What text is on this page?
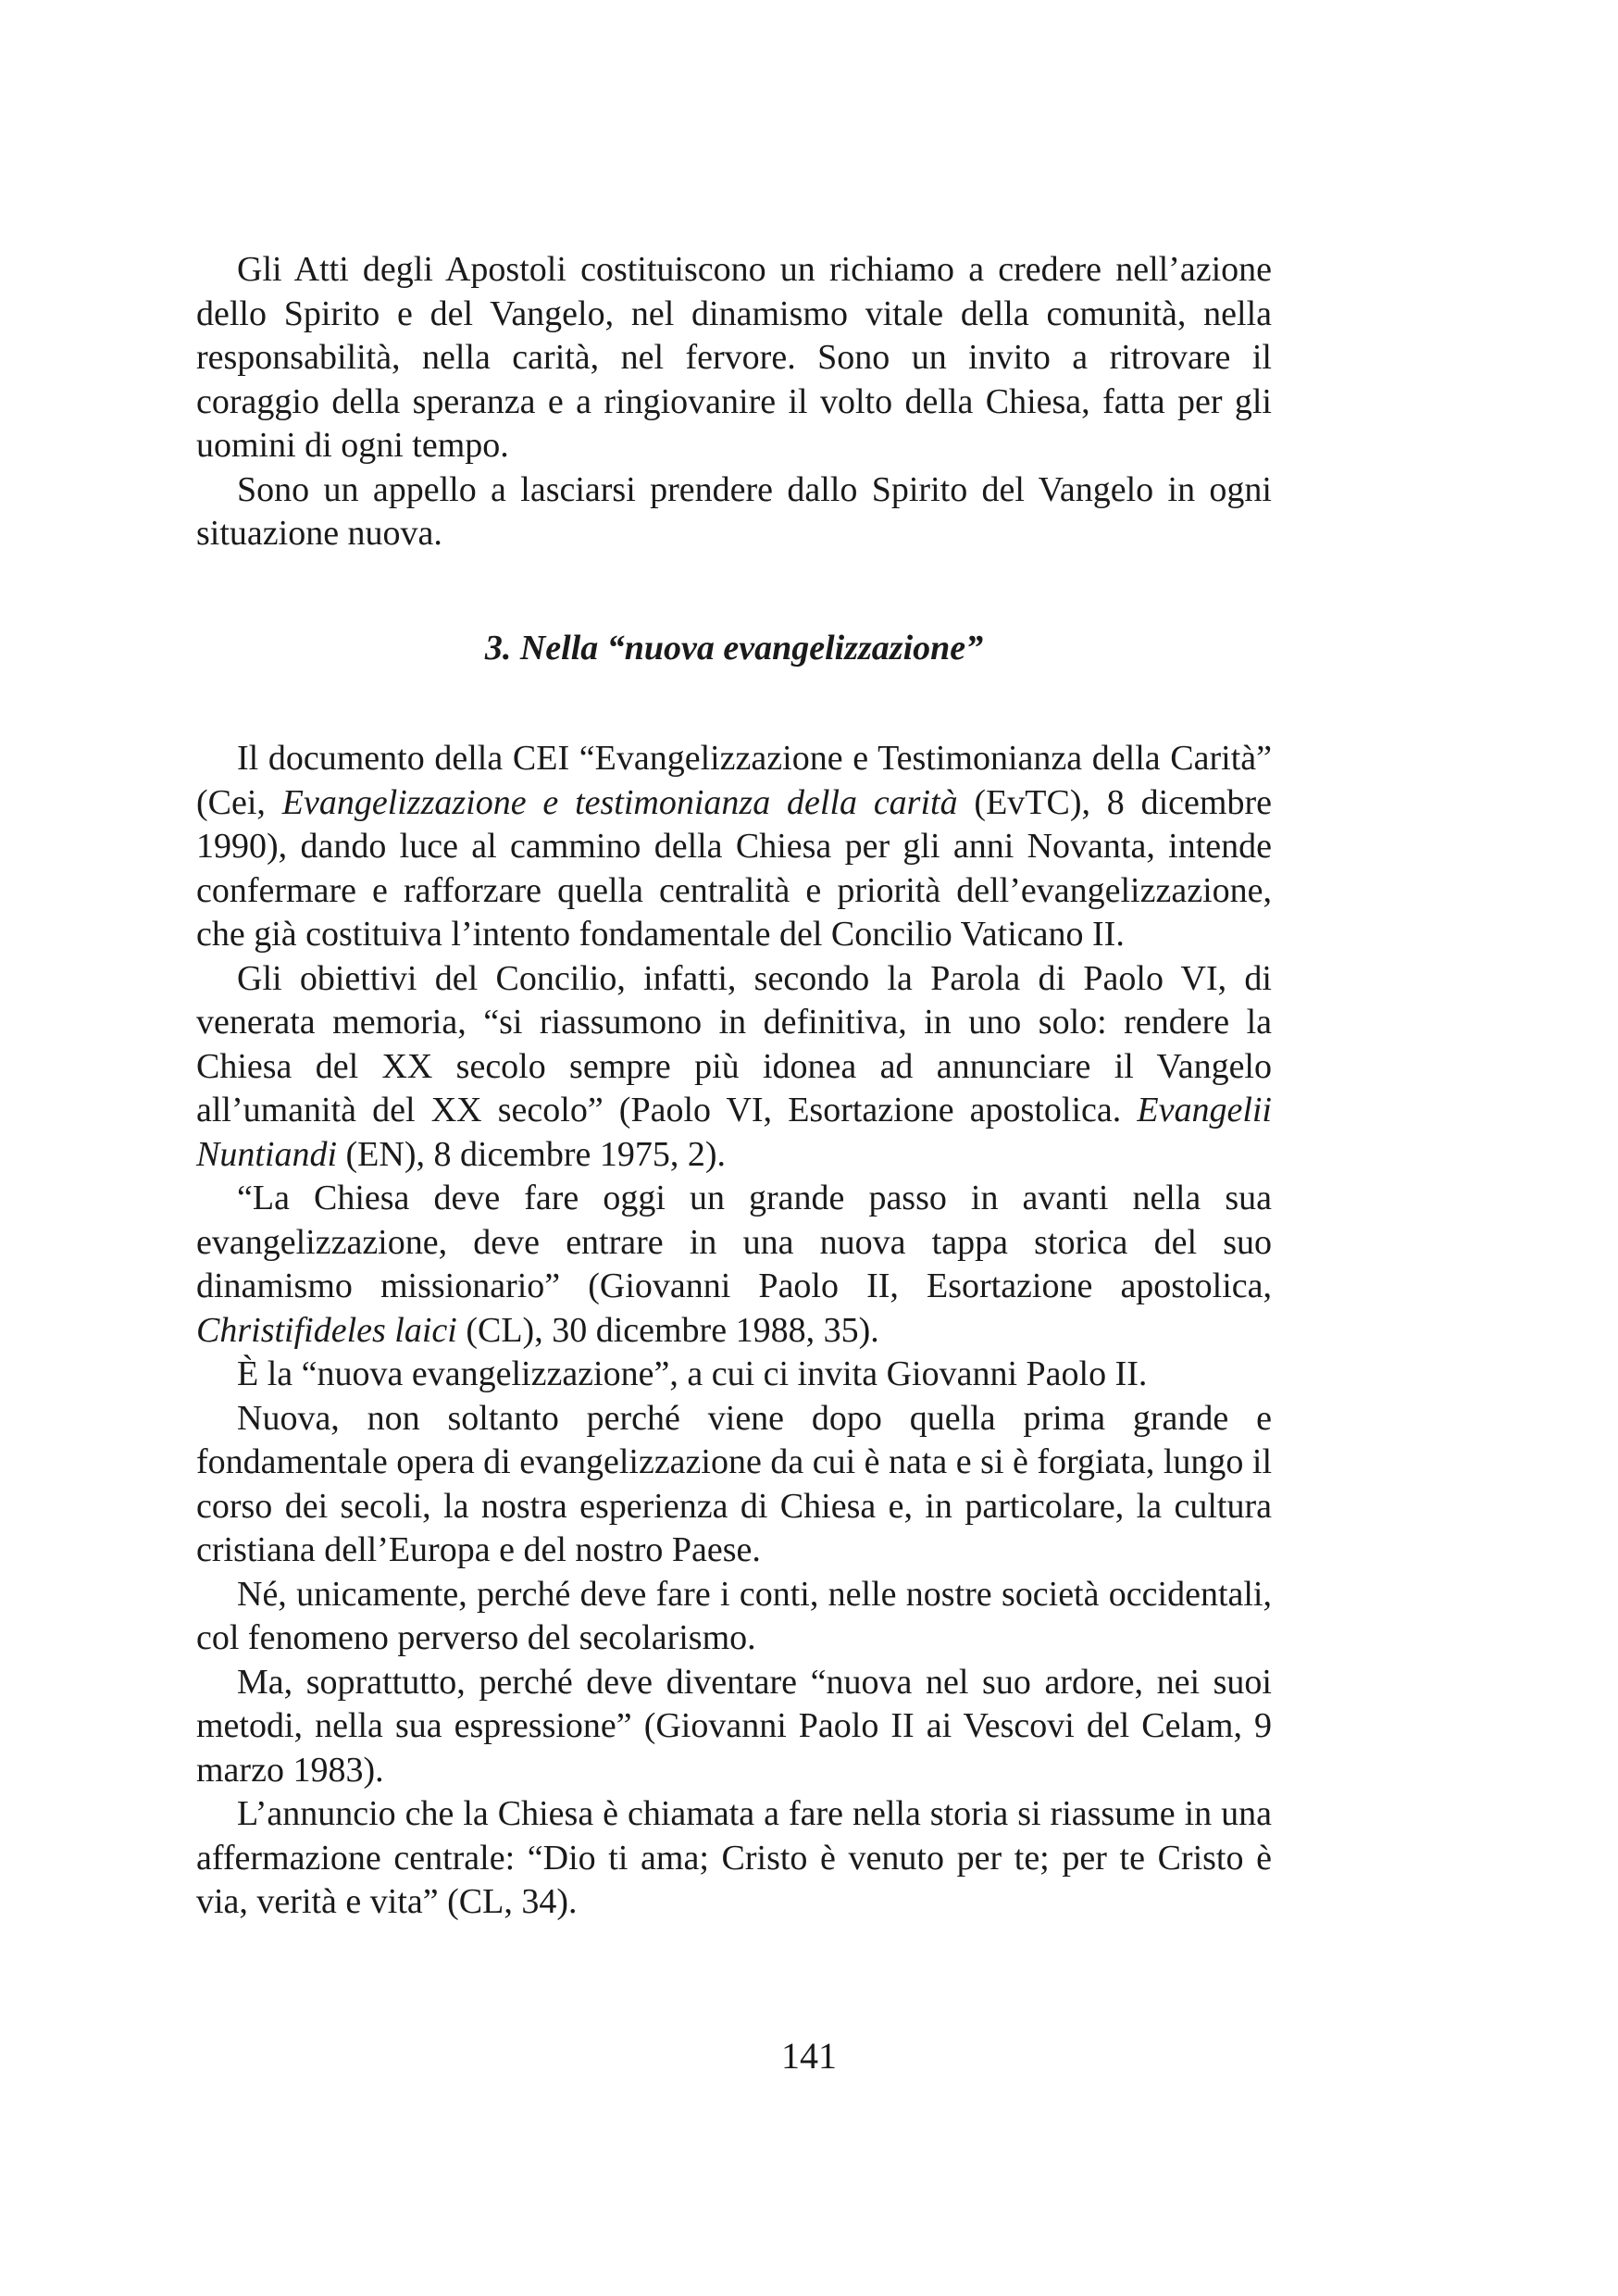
Gli Atti degli Apostoli costituiscono un richiamo a credere nell’azione dello Spirito e del Vangelo, nel dinamismo vitale della comunità, nella responsabilità, nella carità, nel fervore. Sono un invito a ritrovare il coraggio della speranza e a ringiovanire il volto della Chiesa, fatta per gli uomini di ogni tempo.

Sono un appello a lasciarsi prendere dallo Spirito del Vangelo in ogni situazione nuova.

3. Nella “nuova evangelizzazione”

Il documento della CEI “Evangelizzazione e Testimonianza della Carità” (Cei, Evangelizzazione e testimonianza della carità (EvTC), 8 dicembre 1990), dando luce al cammino della Chiesa per gli anni Novanta, intende confermare e rafforzare quella centralità e priorità dell’evangelizzazione, che già costituiva l’intento fondamentale del Concilio Vaticano II.

Gli obiettivi del Concilio, infatti, secondo la Parola di Paolo VI, di venerata memoria, “si riassumono in definitiva, in uno solo: rendere la Chiesa del XX secolo sempre più idonea ad annunciare il Vangelo all’umanità del XX secolo” (Paolo VI, Esortazione apostolica. Evangelii Nuntiandi (EN), 8 dicembre 1975, 2).

“La Chiesa deve fare oggi un grande passo in avanti nella sua evangelizzazione, deve entrare in una nuova tappa storica del suo dinamismo missionario” (Giovanni Paolo II, Esortazione apostolica, Christifideles laici (CL), 30 dicembre 1988, 35).

È la “nuova evangelizzazione”, a cui ci invita Giovanni Paolo II.

Nuova, non soltanto perché viene dopo quella prima grande e fondamentale opera di evangelizzazione da cui è nata e si è forgiata, lungo il corso dei secoli, la nostra esperienza di Chiesa e, in particolare, la cultura cristiana dell’Europa e del nostro Paese.

Né, unicamente, perché deve fare i conti, nelle nostre società occidentali, col fenomeno perverso del secolarismo.

Ma, soprattutto, perché deve diventare “nuova nel suo ardore, nei suoi metodi, nella sua espressione” (Giovanni Paolo II ai Vescovi del Celam, 9 marzo 1983).

L’annuncio che la Chiesa è chiamata a fare nella storia si riassume in una affermazione centrale: “Dio ti ama; Cristo è venuto per te; per te Cristo è via, verità e vita” (CL, 34).

141
